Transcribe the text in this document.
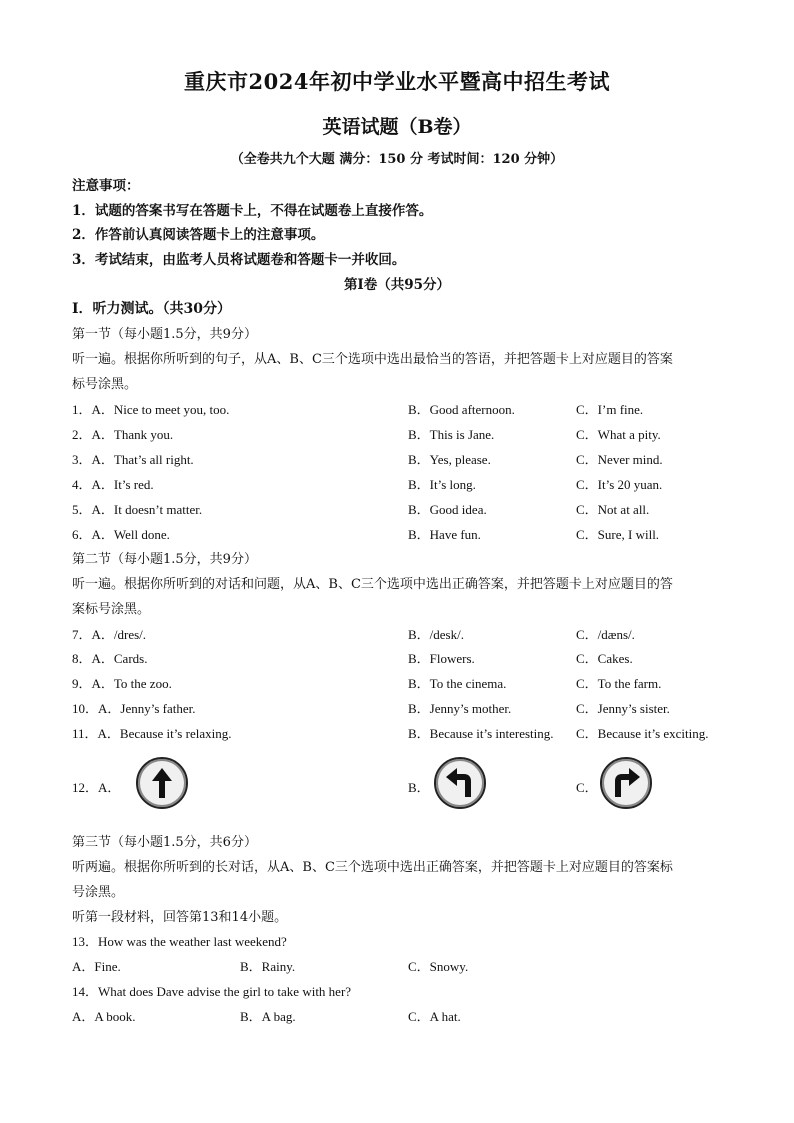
重庆市2024年初中学业水平暨高中招生考试
英语试题（B卷）
（全卷共九个大题 满分：150 分 考试时间：120 分钟）
注意事项：
1．试题的答案书写在答题卡上，不得在试题卷上直接作答。
2．作答前认真阅读答题卡上的注意事项。
3．考试结束，由监考人员将试题卷和答题卡一并收回。
第Ⅰ卷（共95分）
Ⅰ．听力测试。（共30分）
第一节（每小题1.5分，共9分）
听一遍。根据你所听到的句子，从A、B、C三个选项中选出最恰当的答语，并把答题卡上对应题目的答案
标号涂黑。
1．A．Nice to meet you, too.	B．Good afternoon.	C．I’m fine.
2．A．Thank you.	B．This is Jane.	C．What a pity.
3．A．That’s all right.	B．Yes, please.	C．Never mind.
4．A．It’s red.	B．It’s long.	C．It’s 20 yuan.
5．A．It doesn’t matter.	B．Good idea.	C．Not at all.
6．A．Well done.	B．Have fun.	C．Sure, I will.
第二节（每小题1.5分，共9分）
听一遍。根据你所听到的对话和问题，从A、B、C三个选项中选出正确答案，并把答题卡上对应题目的答
案标号涂黑。
7．A．/dres/.	B．/desk/.	C．/dæns/.
8．A．Cards.	B．Flowers.	C．Cakes.
9．A．To the zoo.	B．To the cinema.	C．To the farm.
10．A．Jenny’s father.	B．Jenny’s mother.	C．Jenny’s sister.
11．A．Because it’s relaxing.	B．Because it’s interesting. C．Because it’s exciting.
12．A．	B．	C．
第三节（每小题1.5分，共6分）
听两遍。根据你所听到的长对话，从A、B、C三个选项中选出正确答案，并把答题卡上对应题目的答案标
号涂黑。
听第一段材料，回答第13和14小题。
13．How was the weather last weekend?
A．Fine.	B．Rainy.	C．Snowy.
14．What does Dave advise the girl to take with her?
A．A book.	B．A bag.	C．A hat.
